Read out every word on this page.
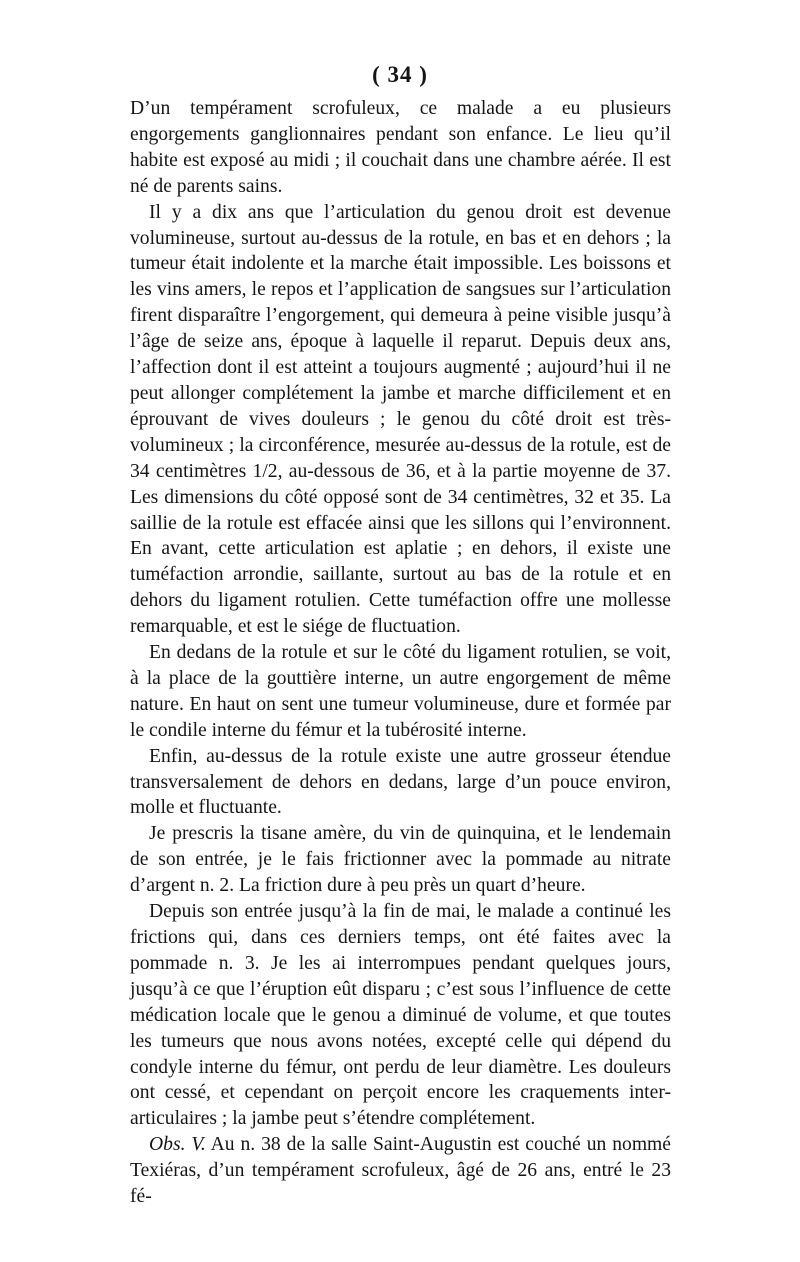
( 34 )

D’un tempérament scrofuleux, ce malade a eu plusieurs engorgements ganglionnaires pendant son enfance. Le lieu qu’il habite est exposé au midi ; il couchait dans une chambre aérée. Il est né de parents sains.

Il y a dix ans que l’articulation du genou droit est devenue volumineuse, surtout au-dessus de la rotule, en bas et en dehors ; la tumeur était indolente et la marche était impossible. Les boissons et les vins amers, le repos et l’application de sangsues sur l’articulation firent disparaître l’engorgement, qui demeura à peine visible jusqu’à l’âge de seize ans, époque à laquelle il reparut. Depuis deux ans, l’affection dont il est atteint a toujours augmenté ; aujourd’hui il ne peut allonger complétement la jambe et marche difficilement et en éprouvant de vives douleurs ; le genou du côté droit est très-volumineux ; la circonférence, mesurée au-dessus de la rotule, est de 34 centimètres 1/2, au-dessous de 36, et à la partie moyenne de 37. Les dimensions du côté opposé sont de 34 centimètres, 32 et 35. La saillie de la rotule est effacée ainsi que les sillons qui l’environnent. En avant, cette articulation est aplatie ; en dehors, il existe une tuméfaction arrondie, saillante, surtout au bas de la rotule et en dehors du ligament rotulien. Cette tuméfaction offre une mollesse remarquable, et est le siége de fluctuation.

En dedans de la rotule et sur le côté du ligament rotulien, se voit, à la place de la gouttière interne, un autre engorgement de même nature. En haut on sent une tumeur volumineuse, dure et formée par le condile interne du fémur et la tubérosité interne.

Enfin, au-dessus de la rotule existe une autre grosseur étendue transversalement de dehors en dedans, large d’un pouce environ, molle et fluctuante.

Je prescris la tisane amère, du vin de quinquina, et le lendemain de son entrée, je le fais frictionner avec la pommade au nitrate d’argent n. 2. La friction dure à peu près un quart d’heure.

Depuis son entrée jusqu’à la fin de mai, le malade a continué les frictions qui, dans ces derniers temps, ont été faites avec la pommade n. 3. Je les ai interrompues pendant quelques jours, jusqu’à ce que l’éruption eût disparu ; c’est sous l’influence de cette médication locale que le genou a diminué de volume, et que toutes les tumeurs que nous avons notées, excepté celle qui dépend du condyle interne du fémur, ont perdu de leur diamètre. Les douleurs ont cessé, et cependant on perçoit encore les craquements inter-articulaires ; la jambe peut s’étendre complétement.

Obs. V. Au n. 38 de la salle Saint-Augustin est couché un nommé Texiéras, d’un tempérament scrofuleux, âgé de 26 ans, entré le 23 fé-
